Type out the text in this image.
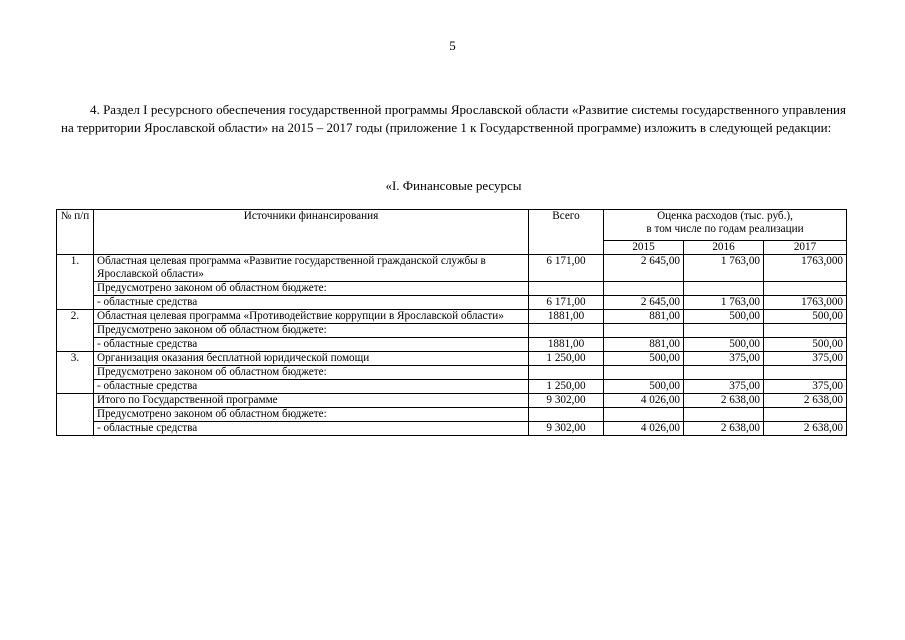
5

4. Раздел I ресурсного обеспечения государственной программы Ярославской области «Развитие системы государственного управления на территории Ярославской области» на 2015 – 2017 годы (приложение 1 к Государственной программе) изложить в следующей редакции:

«I. Финансовые ресурсы
№ п/п	Источники финансирования	Всего	Оценка расходов (тыс. руб.),
в том числе по годам реализации		

			2015	2016	2017
1.	Областная целевая программа «Развитие государственной гражданской службы в Ярославской области»	6 171,00	2 645,00	1 763,00	1763,000
	Предусмотрено законом об областном бюджете:				
	- областные средства	6 171,00	2 645,00	1 763,00	1763,000
2.	Областная целевая программа «Противодействие коррупции в Ярославской области»	1881,00	881,00	500,00	500,00
	Предусмотрено законом об областном бюджете:				
	- областные средства	1881,00	881,00	500,00	500,00
3.	Организация оказания бесплатной юридической помощи	1 250,00	500,00	375,00	375,00
	Предусмотрено законом об областном бюджете:				
	- областные средства	1 250,00	500,00	375,00	375,00
	Итого по Государственной программе	9 302,00	4 026,00	2 638,00	2 638,00
	Предусмотрено законом об областном бюджете:				
	- областные средства	9 302,00	4 026,00	2 638,00	2 638,00
